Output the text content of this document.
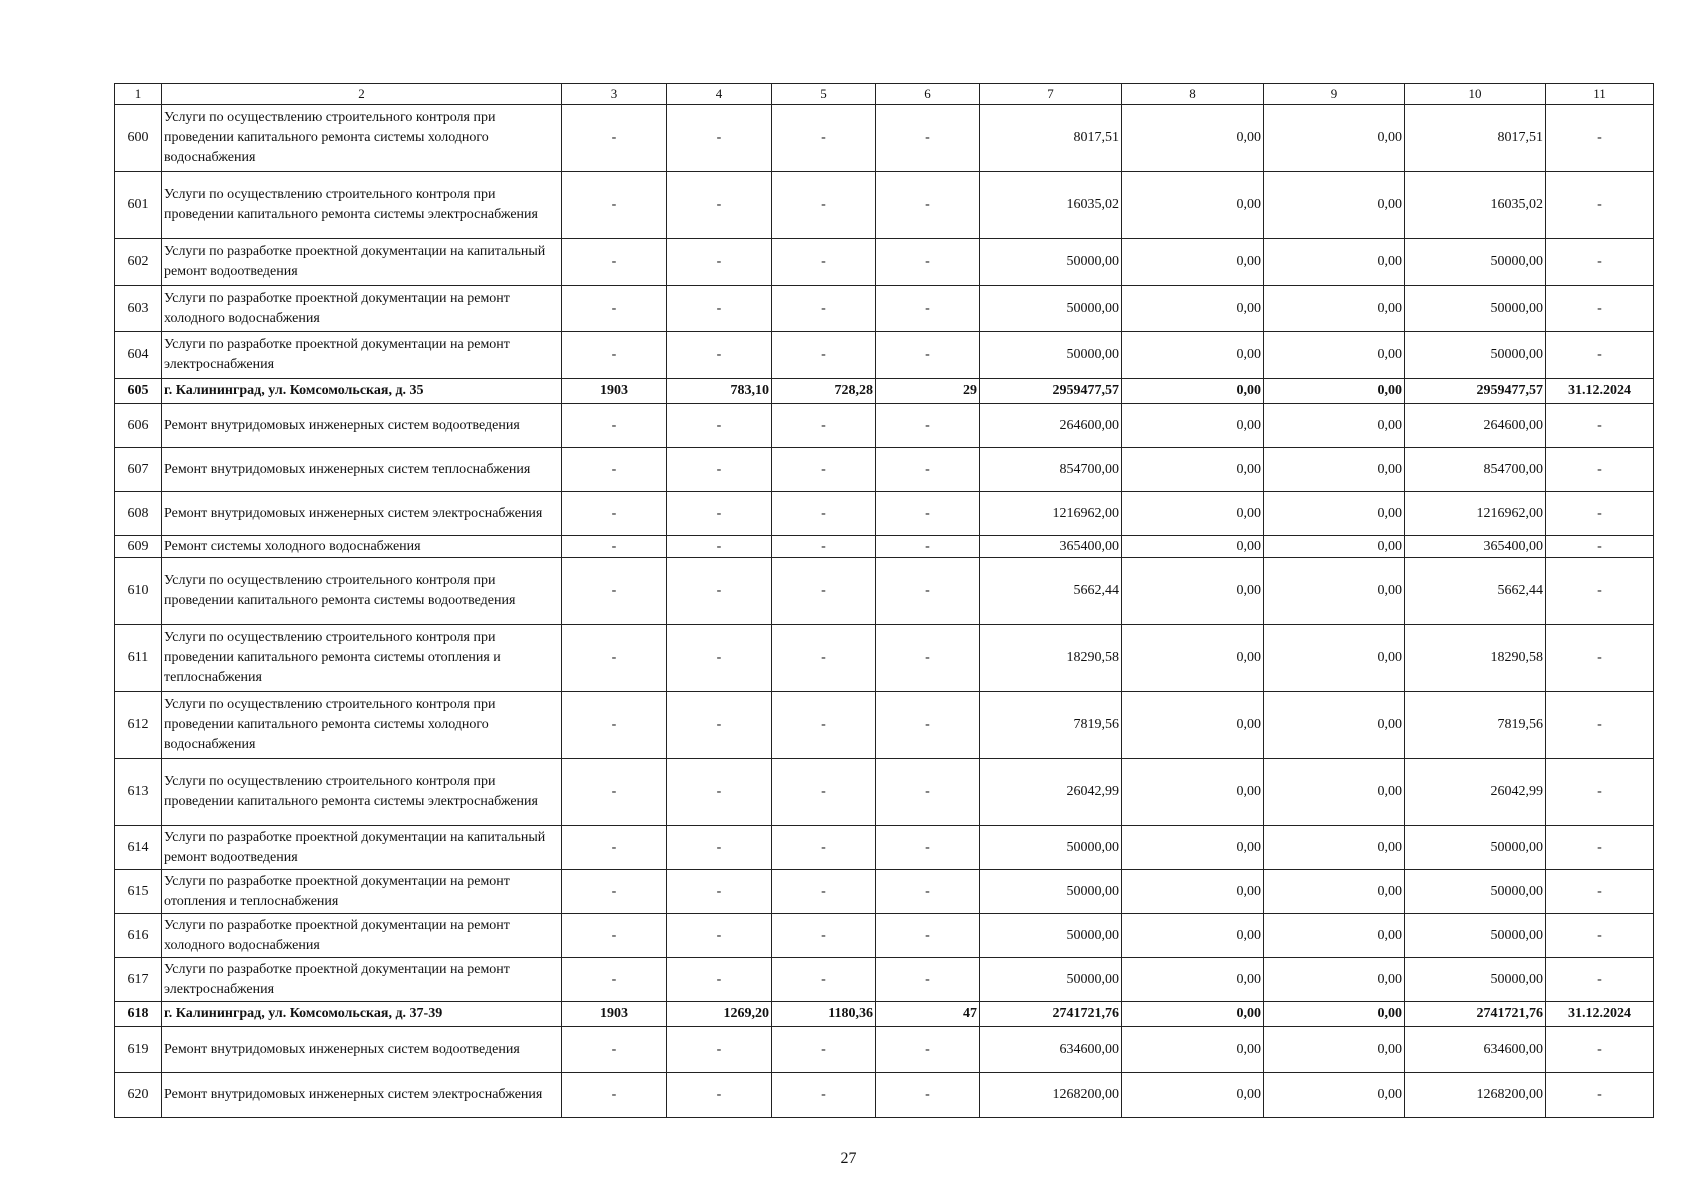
1	2	3	4	5	6	7	8	9	10	11
600	Услуги по осуществлению строительного контроля при проведении капитального ремонта системы холодного водоснабжения	-	-	-	-	8017,51	0,00	0,00	8017,51	-
601	Услуги по осуществлению строительного контроля при проведении капитального ремонта системы электроснабжения	-	-	-	-	16035,02	0,00	0,00	16035,02	-
602	Услуги по разработке проектной документации на капитальный ремонт водоотведения	-	-	-	-	50000,00	0,00	0,00	50000,00	-
603	Услуги по разработке проектной документации на ремонт холодного водоснабжения	-	-	-	-	50000,00	0,00	0,00	50000,00	-
604	Услуги по разработке проектной документации на ремонт электроснабжения	-	-	-	-	50000,00	0,00	0,00	50000,00	-
605	г. Калининград, ул. Комсомольская, д. 35	1903	783,10	728,28	29	2959477,57	0,00	0,00	2959477,57	31.12.2024
606	Ремонт внутридомовых инженерных систем водоотведения	-	-	-	-	264600,00	0,00	0,00	264600,00	-
607	Ремонт внутридомовых инженерных систем теплоснабжения	-	-	-	-	854700,00	0,00	0,00	854700,00	-
608	Ремонт внутридомовых инженерных систем электроснабжения	-	-	-	-	1216962,00	0,00	0,00	1216962,00	-
609	Ремонт системы холодного водоснабжения	-	-	-	-	365400,00	0,00	0,00	365400,00	-
610	Услуги по осуществлению строительного контроля при проведении капитального ремонта системы водоотведения	-	-	-	-	5662,44	0,00	0,00	5662,44	-
611	Услуги по осуществлению строительного контроля при проведении капитального ремонта системы отопления и теплоснабжения	-	-	-	-	18290,58	0,00	0,00	18290,58	-
612	Услуги по осуществлению строительного контроля при проведении капитального ремонта системы холодного водоснабжения	-	-	-	-	7819,56	0,00	0,00	7819,56	-
613	Услуги по осуществлению строительного контроля при проведении капитального ремонта системы электроснабжения	-	-	-	-	26042,99	0,00	0,00	26042,99	-
614	Услуги по разработке проектной документации на капитальный ремонт водоотведения	-	-	-	-	50000,00	0,00	0,00	50000,00	-
615	Услуги по разработке проектной документации на ремонт отопления и теплоснабжения	-	-	-	-	50000,00	0,00	0,00	50000,00	-
616	Услуги по разработке проектной документации на ремонт холодного водоснабжения	-	-	-	-	50000,00	0,00	0,00	50000,00	-
617	Услуги по разработке проектной документации на ремонт электроснабжения	-	-	-	-	50000,00	0,00	0,00	50000,00	-
618	г. Калининград, ул. Комсомольская, д. 37-39	1903	1269,20	1180,36	47	2741721,76	0,00	0,00	2741721,76	31.12.2024
619	Ремонт внутридомовых инженерных систем водоотведения	-	-	-	-	634600,00	0,00	0,00	634600,00	-
620	Ремонт внутридомовых инженерных систем электроснабжения	-	-	-	-	1268200,00	0,00	0,00	1268200,00	-
27
